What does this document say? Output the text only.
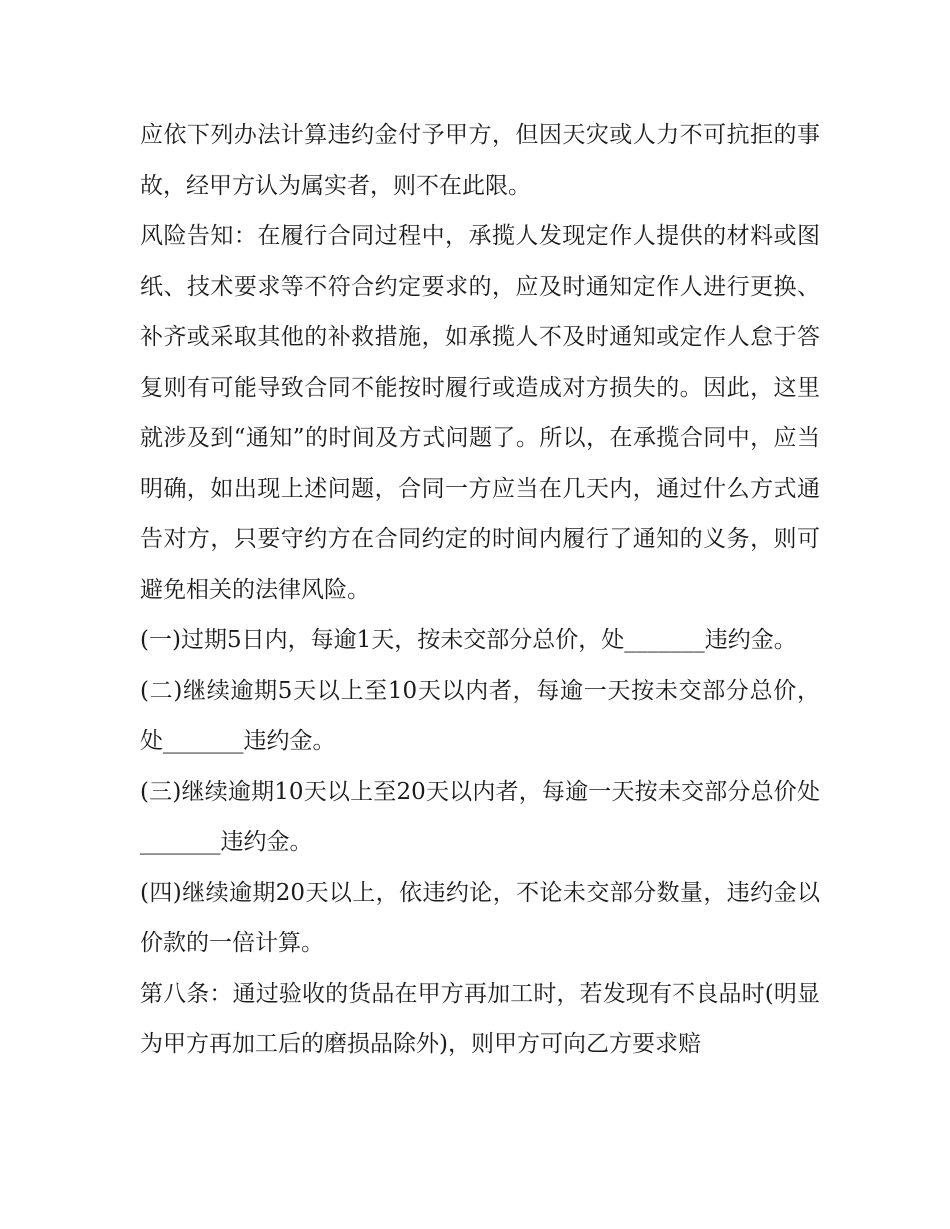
应依下列办法计算违约金付予甲方，但因天灾或人力不可抗拒的事故，经甲方认为属实者，则不在此限。

风险告知：在履行合同过程中，承揽人发现定作人提供的材料或图纸、技术要求等不符合约定要求的，应及时通知定作人进行更换、补齐或采取其他的补救措施，如承揽人不及时通知或定作人怠于答复则有可能导致合同不能按时履行或造成对方损失的。因此，这里就涉及到“通知”的时间及方式问题了。所以，在承揽合同中，应当明确，如出现上述问题，合同一方应当在几天内，通过什么方式通告对方，只要守约方在合同约定的时间内履行了通知的义务，则可避免相关的法律风险。

(一)过期5日内，每逾1天，按未交部分总价，处_______违约金。

(二)继续逾期5天以上至10天以内者，每逾一天按未交部分总价，处_______违约金。

(三)继续逾期10天以上至20天以内者，每逾一天按未交部分总价处_______违约金。

(四)继续逾期20天以上，依违约论，不论未交部分数量，违约金以价款的一倍计算。

第八条：通过验收的货品在甲方再加工时，若发现有不良品时(明显为甲方再加工后的磨损品除外)，则甲方可向乙方要求赔
